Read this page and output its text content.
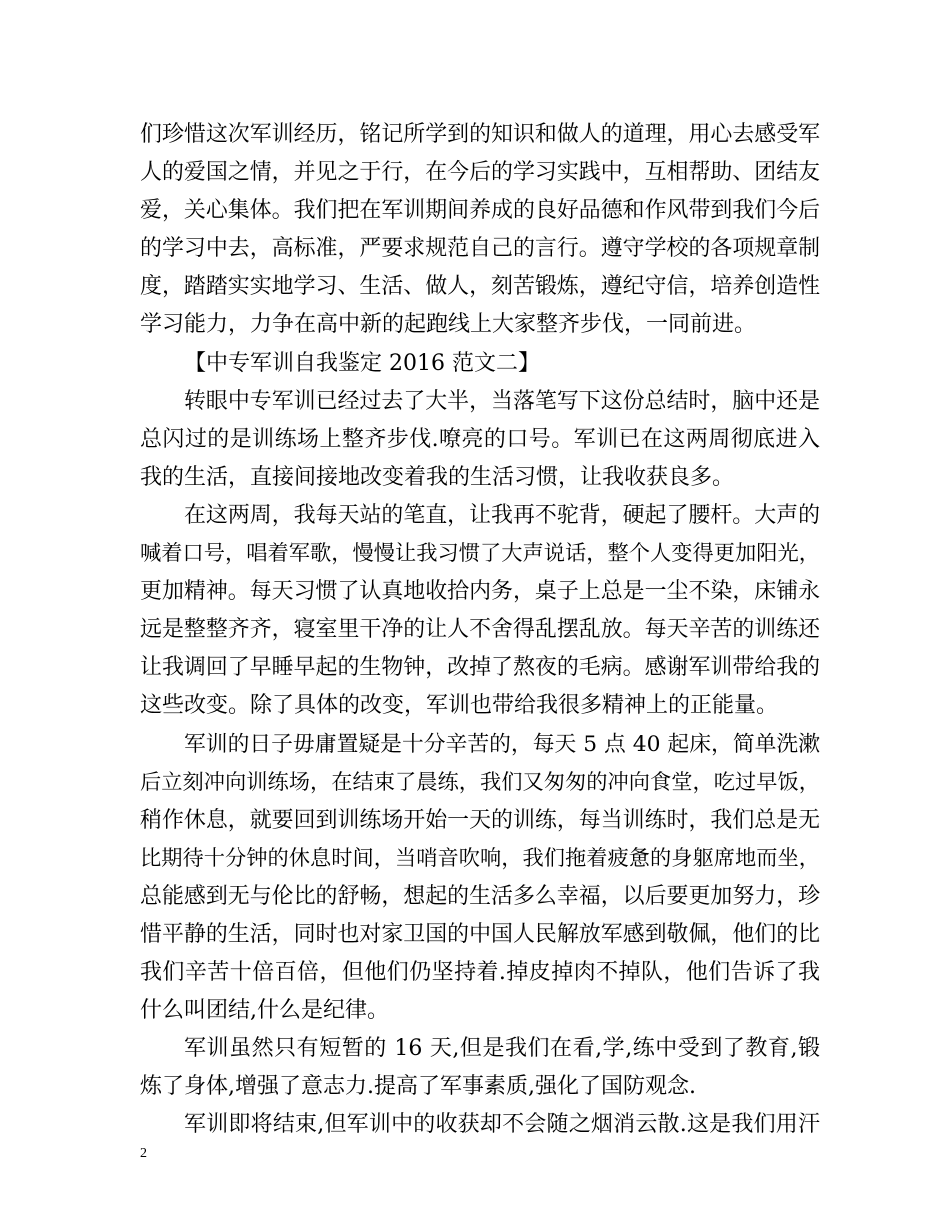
们珍惜这次军训经历，铭记所学到的知识和做人的道理，用心去感受军
人的爱国之情，并见之于行，在今后的学习实践中，互相帮助、团结友
爱，关心集体。我们把在军训期间养成的良好品德和作风带到我们今后
的学习中去，高标准，严要求规范自己的言行。遵守学校的各项规章制
度，踏踏实实地学习、生活、做人，刻苦锻炼，遵纪守信，培养创造性
学习能力，力争在高中新的起跑线上大家整齐步伐，一同前进。
【中专军训自我鉴定 2016 范文二】
转眼中专军训已经过去了大半，当落笔写下这份总结时，脑中还是
总闪过的是训练场上整齐步伐.嘹亮的口号。军训已在这两周彻底进入
我的生活，直接间接地改变着我的生活习惯，让我收获良多。
在这两周，我每天站的笔直，让我再不驼背，硬起了腰杆。大声的
喊着口号，唱着军歌，慢慢让我习惯了大声说话，整个人变得更加阳光，
更加精神。每天习惯了认真地收拾内务，桌子上总是一尘不染，床铺永
远是整整齐齐，寝室里干净的让人不舍得乱摆乱放。每天辛苦的训练还
让我调回了早睡早起的生物钟，改掉了熬夜的毛病。感谢军训带给我的
这些改变。除了具体的改变，军训也带给我很多精神上的正能量。
军训的日子毋庸置疑是十分辛苦的，每天 5 点 40 起床，简单洗漱
后立刻冲向训练场，在结束了晨练，我们又匆匆的冲向食堂，吃过早饭，
稍作休息，就要回到训练场开始一天的训练，每当训练时，我们总是无
比期待十分钟的休息时间，当哨音吹响，我们拖着疲惫的身躯席地而坐，
总能感到无与伦比的舒畅，想起的生活多么幸福，以后要更加努力，珍
惜平静的生活，同时也对家卫国的中国人民解放军感到敬佩，他们的比
我们辛苦十倍百倍，但他们仍坚持着.掉皮掉肉不掉队，他们告诉了我
什么叫团结,什么是纪律。
军训虽然只有短暂的 16 天,但是我们在看,学,练中受到了教育,锻
炼了身体,增强了意志力.提高了军事素质,强化了国防观念.
军训即将结束,但军训中的收获却不会随之烟消云散.这是我们用汗
2
